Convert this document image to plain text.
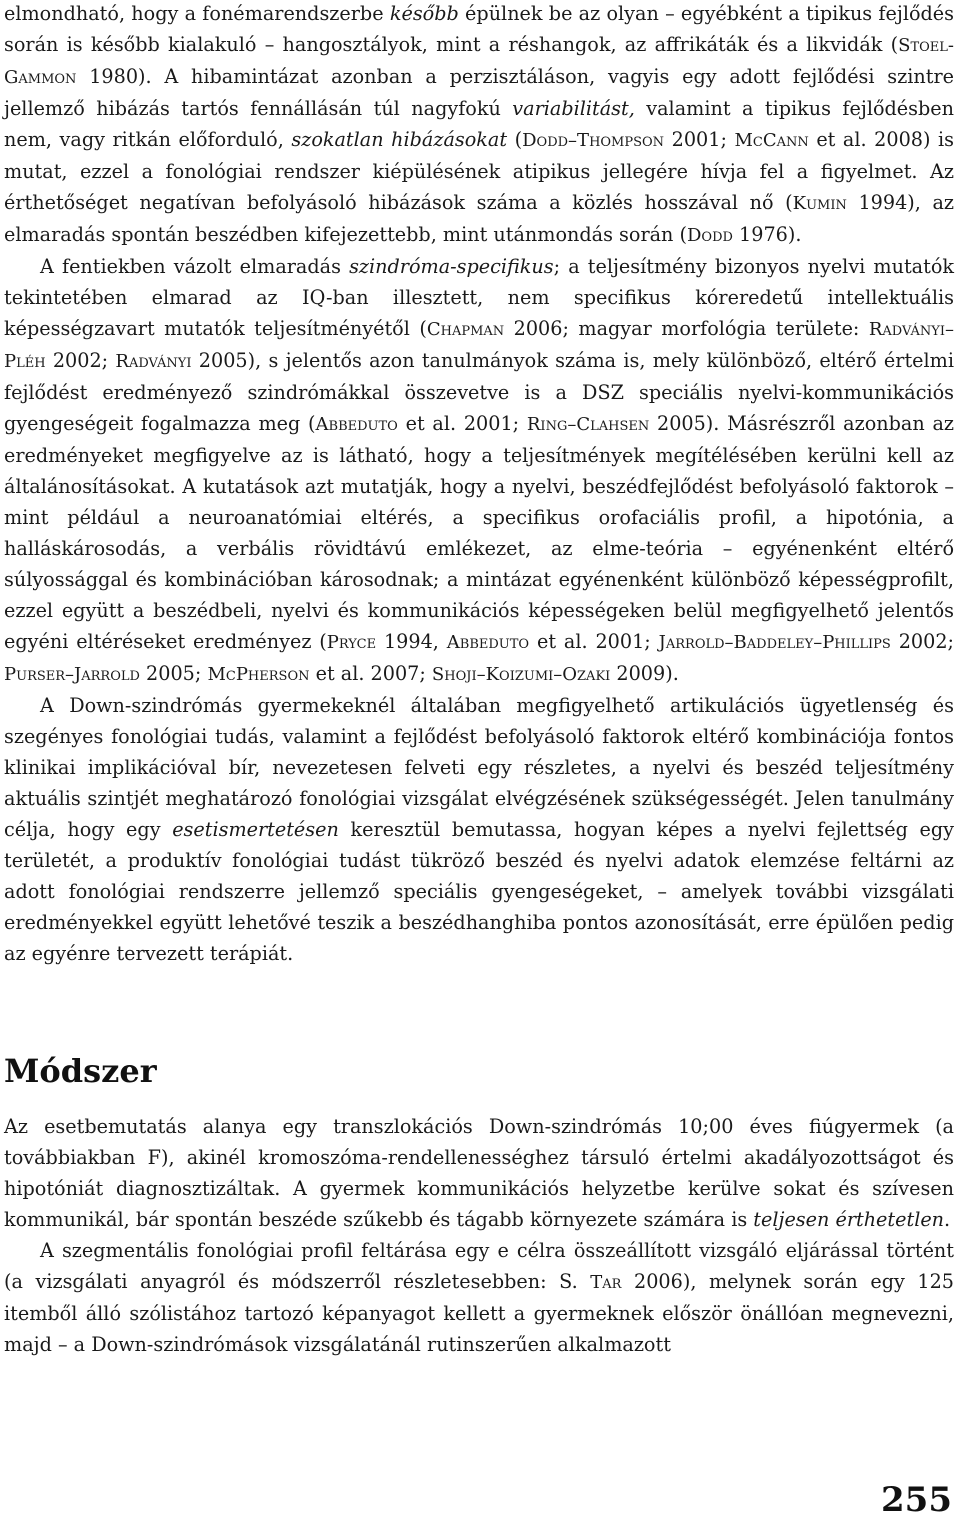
elmondható, hogy a fonémarendszerbe később épülnek be az olyan – egyébként a tipikus fejlődés során is később kialakuló – hangosztályok, mint a réshangok, az affrikáták és a likvidák (Stoel-Gammon 1980). A hibamintázat azonban a perzisztáláson, vagyis egy adott fejlődési szintre jellemző hibázás tartós fennállásán túl nagyfokú variabilitást, valamint a tipikus fejlődésben nem, vagy ritkán előforduló, szokatlan hibázásokat (Dodd–Thompson 2001; McCann et al. 2008) is mutat, ezzel a fonológiai rendszer kiépülésének atipikus jellegére hívja fel a figyelmet. Az érthetőséget negatívan befolyásoló hibázások száma a közlés hosszával nő (Kumin 1994), az elmaradás spontán beszédben kifejezettebb, mint utánmondás során (Dodd 1976).

A fentiekben vázolt elmaradás szindróma-specifikus; a teljesítmény bizonyos nyelvi mutatók tekintetében elmarad az IQ-ban illesztett, nem specifikus kóreredetű intellektuális képességzavart mutatók teljesítményétől (Chapman 2006; magyar morfológia területe: Radványi–Pléh 2002; Radványi 2005), s jelentős azon tanulmányok száma is, mely különböző, eltérő értelmi fejlődést eredményező szindrómákkal összevetve is a DSZ speciális nyelvi-kommunikációs gyengeségeit fogalmazza meg (Abbeduto et al. 2001; Ring–Clahsen 2005). Másrészről azonban az eredményeket megfigyelve az is látható, hogy a teljesítmények megítélésében kerülni kell az általánosításokat. A kutatások azt mutatják, hogy a nyelvi, beszédfejlődést befolyásoló faktorok – mint például a neuroanatómiai eltérés, a specifikus orofaciális profil, a hipotónia, a halláskárosodás, a verbális rövidtávú emlékezet, az elme-teória – egyénenként eltérő súlyossággal és kombinációban károsodnak; a mintázat egyénenként különböző képességprofilt, ezzel együtt a beszédbeli, nyelvi és kommunikációs képességeken belül megfigyelhető jelentős egyéni eltéréseket eredményez (Pryce 1994, Abbeduto et al. 2001; Jarrold–Baddeley–Phillips 2002; Purser–Jarrold 2005; McPherson et al. 2007; Shoji–Koizumi–Ozaki 2009).

A Down-szindrómás gyermekeknél általában megfigyelhető artikulációs ügyetlenség és szegényes fonológiai tudás, valamint a fejlődést befolyásoló faktorok eltérő kombinációja fontos klinikai implikációval bír, nevezetesen felveti egy részletes, a nyelvi és beszéd teljesítmény aktuális szintjét meghatározó fonológiai vizsgálat elvégzésének szükségességét. Jelen tanulmány célja, hogy egy esetismertetésen keresztül bemutassa, hogyan képes a nyelvi fejlettség egy területét, a produktív fonológiai tudást tükröző beszéd és nyelvi adatok elemzése feltárni az adott fonológiai rendszerre jellemző speciális gyengeségeket, – amelyek további vizsgálati eredményekkel együtt lehetővé teszik a beszédhanghiba pontos azonosítását, erre épülően pedig az egyénre tervezett terápiát.

Módszer

Az esetbemutatás alanya egy transzlokációs Down-szindrómás 10;00 éves fiúgyermek (a továbbiakban F), akinél kromoszóma-rendellenességhez társuló értelmi akadályozottságot és hipotóniát diagnosztizáltak. A gyermek kommunikációs helyzetbe kerülve sokat és szívesen kommunikál, bár spontán beszéde szűkebb és tágabb környezete számára is teljesen érthetetlen.

A szegmentális fonológiai profil feltárása egy e célra összeállított vizsgáló eljárással történt (a vizsgálati anyagról és módszerről részletesebben: S. Tar 2006), melynek során egy 125 itemből álló szólistához tartozó képanyagot kellett a gyermeknek először önállóan megnevezni, majd – a Down-szindrómások vizsgálatánál rutinszerűen alkalmazott

255
